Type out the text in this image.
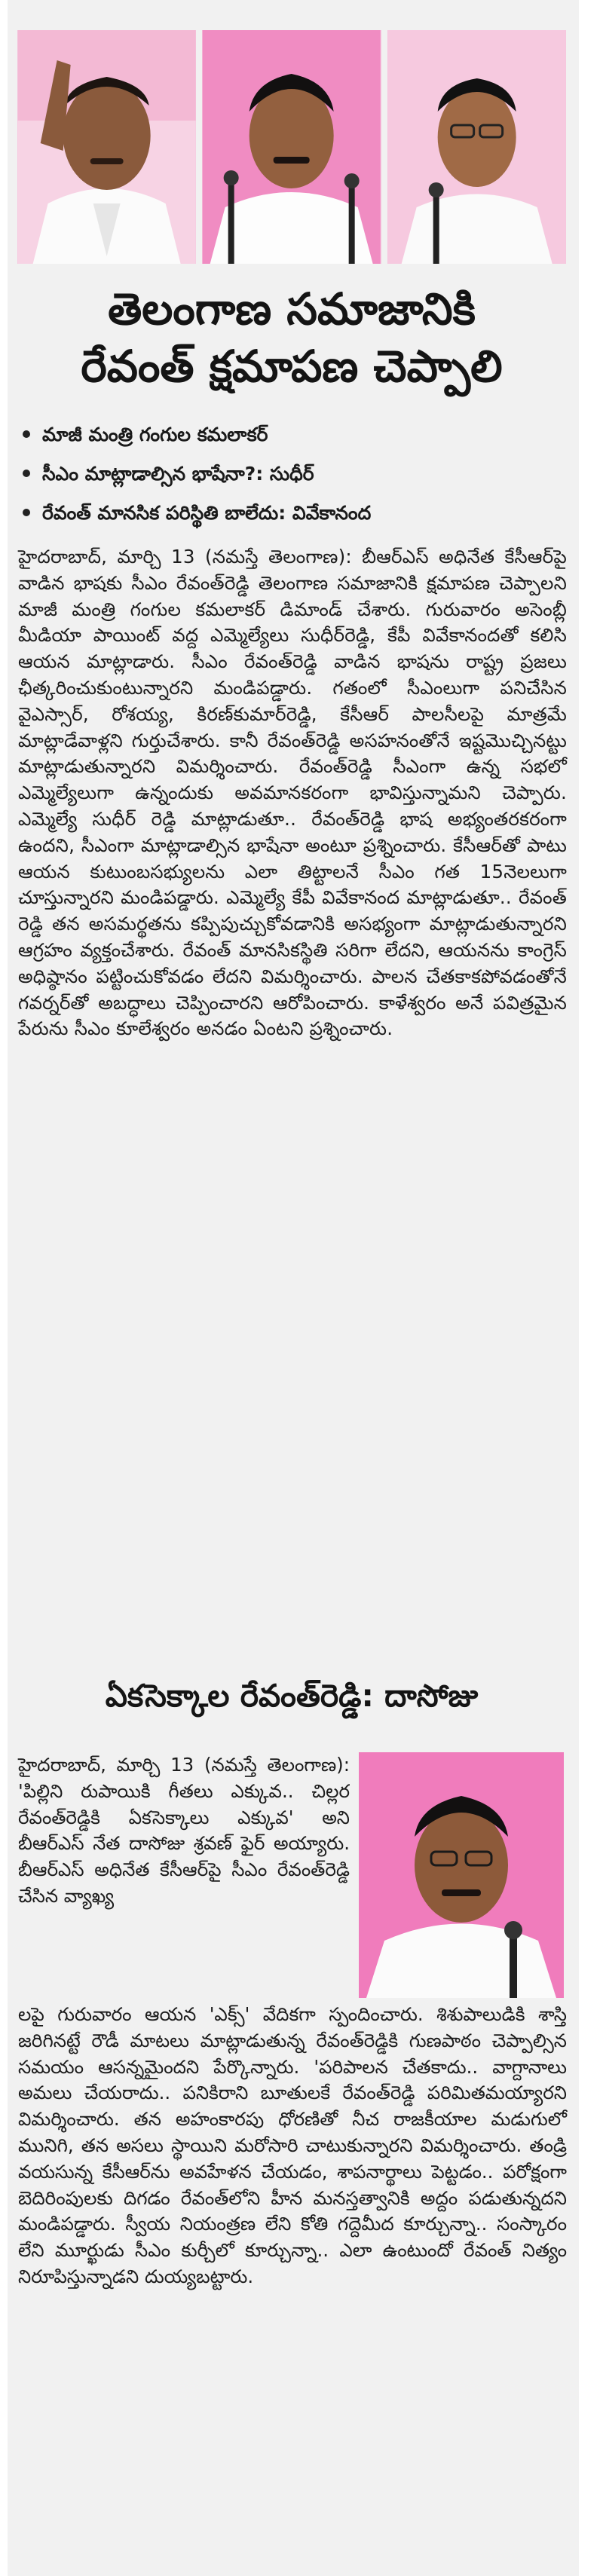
తెలంగాణ సమాజానికి
రేవంత్ క్షమాపణ చెప్పాలి
మాజీ మంత్రి గంగుల కమలాకర్
సీఎం మాట్లాడాల్సిన భాషేనా?: సుధీర్
రేవంత్ మానసిక పరిస్థితి బాలేదు: వివేకానంద
హైదరాబాద్, మార్చి 13 (నమస్తే తెలంగాణ): బీఆర్‌ఎస్ అధినేత కేసీఆర్‌పై వాడిన భాషకు సీఎం రేవంత్‌రెడ్డి తెలంగాణ సమాజానికి క్షమాపణ చెప్పాలని మాజీ మంత్రి గంగుల కమలాకర్ డిమాండ్ చేశారు. గురువారం అసెంబ్లీ మీడియా పాయింట్ వద్ద ఎమ్మెల్యేలు సుధీర్‌రెడ్డి, కేపీ వివేకానందతో కలిసి ఆయన మాట్లాడారు. సీఎం రేవంత్‌రెడ్డి వాడిన భాషను రాష్ట్ర ప్రజలు ఛీత్కరించుకుంటున్నారని మండిపడ్డారు. గతంలో సీఎంలుగా పనిచేసిన వైఎస్సార్, రోశయ్య, కిరణ్‌కుమార్‌రెడ్డి, కేసీఆర్ పాలసీలపై మాత్రమే మాట్లాడేవాళ్లని గుర్తుచేశారు. కానీ రేవంత్‌రెడ్డి అసహనంతోనే ఇష్టమొచ్చినట్టు మాట్లాడుతున్నారని విమర్శించారు. రేవంత్‌రెడ్డి సీఎంగా ఉన్న సభలో ఎమ్మెల్యేలుగా ఉన్నందుకు అవమానకరంగా భావిస్తున్నామని చెప్పారు. ఎమ్మెల్యే సుధీర్ రెడ్డి మాట్లాడుతూ.. రేవంత్‌రెడ్డి భాష అభ్యంతరకరంగా ఉందని, సీఎంగా మాట్లాడాల్సిన భాషేనా అంటూ ప్రశ్నించారు. కేసీఆర్‌తో పాటు ఆయన కుటుంబసభ్యులను ఎలా తిట్టాలనే సీఎం గత 15నెలలుగా చూస్తున్నారని మండిపడ్డారు. ఎమ్మెల్యే కేపీ వివేకానంద మాట్లాడుతూ.. రేవంత్ రెడ్డి తన అసమర్థతను కప్పిపుచ్చుకోవడానికి అసభ్యంగా మాట్లాడుతున్నారని ఆగ్రహం వ్యక్తంచేశారు. రేవంత్ మానసికస్థితి సరిగా లేదని, ఆయనను కాంగ్రెస్ అధిష్ఠానం పట్టించుకోవడం లేదని విమర్శించారు. పాలన చేతకాకపోవడంతోనే గవర్నర్‌తో అబద్ధాలు చెప్పించారని ఆరోపించారు. కాళేశ్వరం అనే పవిత్రమైన పేరును సీఎం కూలేశ్వరం అనడం ఏంటని ప్రశ్నించారు.
ఏకసెక్కాల రేవంత్‌రెడ్డి: దాసోజు
హైదరాబాద్, మార్చి 13 (నమస్తే తెలంగాణ): 'పిల్లిని రుపాయికి గీతలు ఎక్కువ.. చిల్లర రేవంత్‌రెడ్డికి ఏకసెక్కాలు ఎక్కువ' అని బీఆర్‌ఎస్ నేత దాసోజు శ్రవణ్ ఫైర్ అయ్యారు. బీఆర్‌ఎస్ అధినేత కేసీఆర్‌పై సీఎం రేవంత్‌రెడ్డి చేసిన వ్యాఖ్య
లపై గురువారం ఆయన 'ఎక్స్' వేదికగా స్పందించారు. శిశుపాలుడికి శాస్తి జరిగినట్టే రౌడీ మాటలు మాట్లాడుతున్న రేవంత్‌రెడ్డికి గుణపాఠం చెప్పాల్సిన సమయం ఆసన్నమైందని పేర్కొన్నారు. 'పరిపాలన చేతకాదు.. వాగ్దానాలు అమలు చేయరాదు.. పనికిరాని బూతులకే రేవంత్‌రెడ్డి పరిమితమయ్యారని విమర్శించారు. తన అహంకారపు ధోరణితో నీచ రాజకీయాల మడుగులో మునిగి, తన అసలు స్థాయిని మరోసారి చాటుకున్నారని విమర్శించారు. తండ్రి వయసున్న కేసీఆర్‌ను అవహేళన చేయడం, శాపనార్థాలు పెట్టడం.. పరోక్షంగా బెదిరింపులకు దిగడం రేవంత్‌లోని హీన మనస్తత్వానికి అద్దం పడుతున్నదని మండిపడ్డారు. స్వీయ నియంత్రణ లేని కోతి గద్దెమీద కూర్చున్నా.. సంస్కారం లేని మూర్ఖుడు సీఎం కుర్చీలో కూర్చున్నా.. ఎలా ఉంటుందో రేవంత్ నిత్యం నిరూపిస్తున్నాడని దుయ్యబట్టారు.
